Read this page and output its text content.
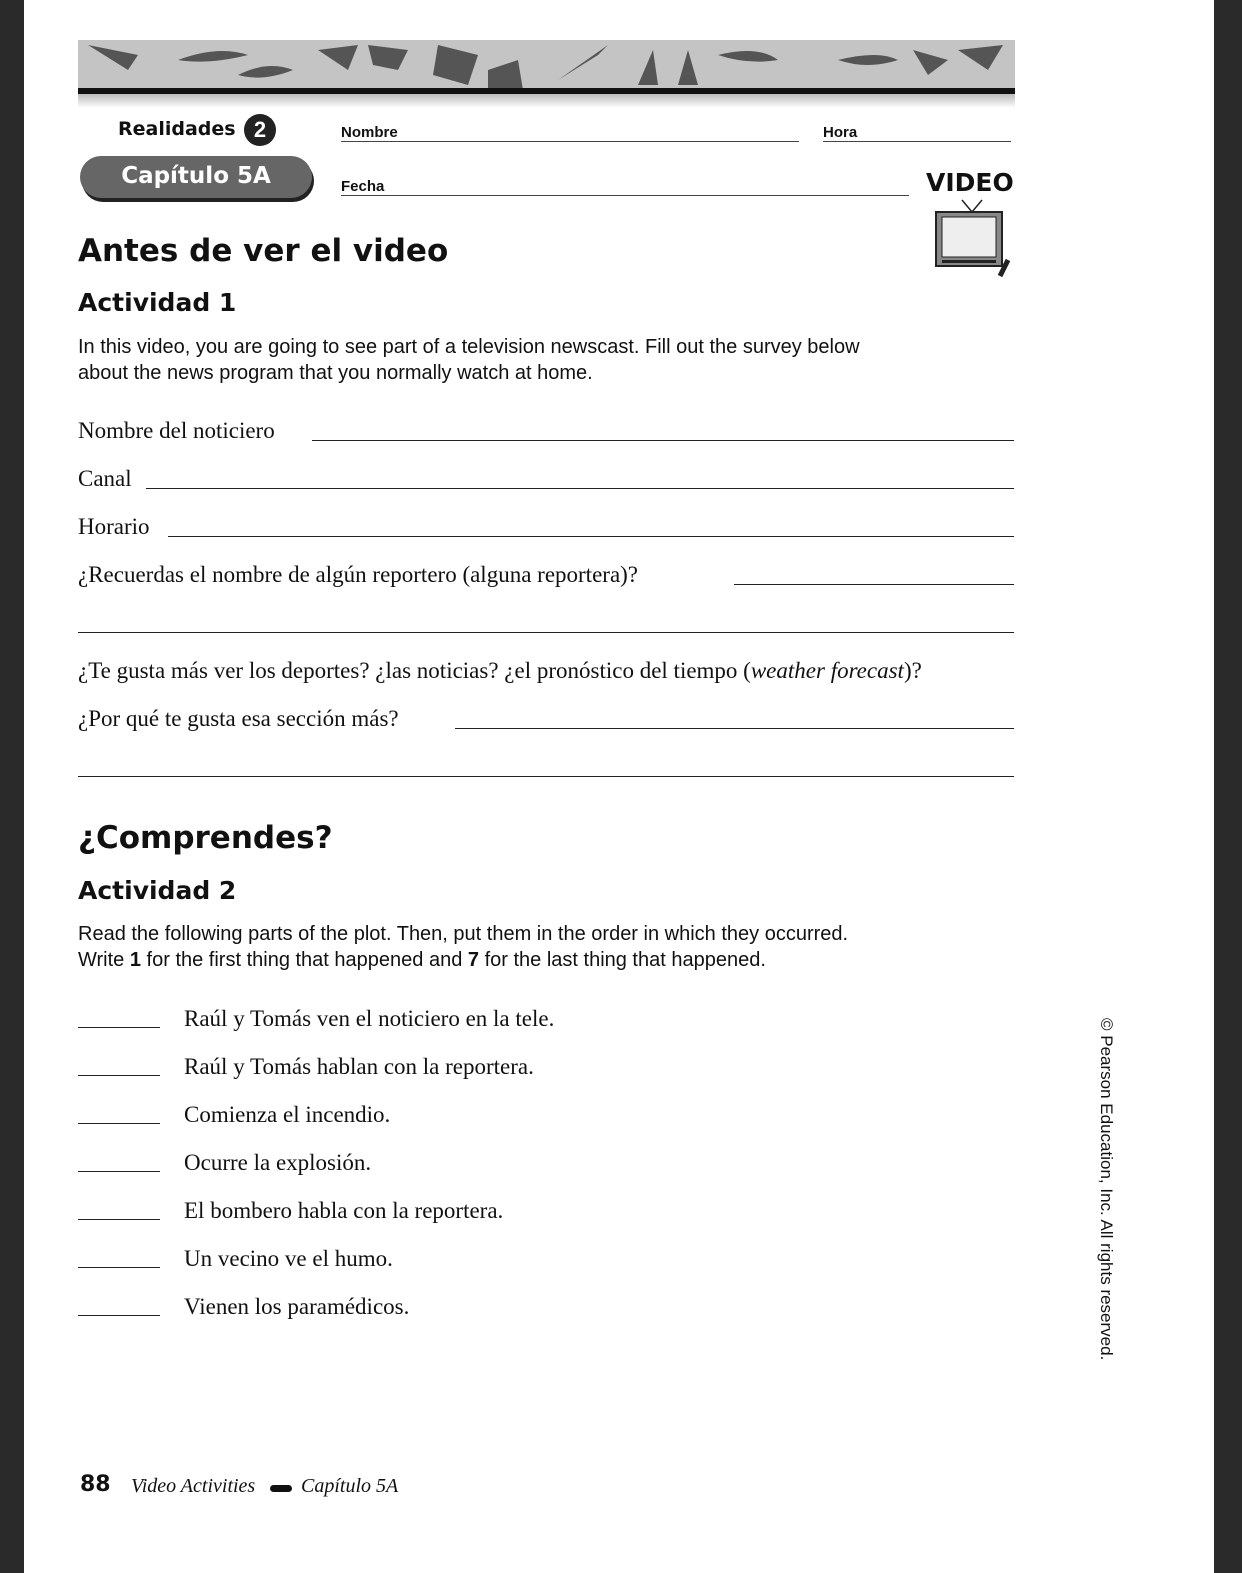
Realidades 2
Capítulo 5A
Nombre	Hora
Fecha	VIDEO
Antes de ver el video
Actividad 1
In this video, you are going to see part of a television newscast. Fill out the survey below
about the news program that you normally watch at home.
Nombre del noticiero
Canal
Horario
¿Recuerdas el nombre de algún reportero (alguna reportera)?
¿Te gusta más ver los deportes? ¿las noticias? ¿el pronóstico del tiempo (weather forecast)?
¿Por qué te gusta esa sección más?
¿Comprendes?
Actividad 2
Read the following parts of the plot. Then, put them in the order in which they occurred.
Write 1 for the first thing that happened and 7 for the last thing that happened.
Raúl y Tomás ven el noticiero en la tele.
Raúl y Tomás hablan con la reportera.
Comienza el incendio.
Ocurre la explosión.
El bombero habla con la reportera.
Un vecino ve el humo.
Vienen los paramédicos.
88 Video Activities Capítulo 5A
© Pearson Education, Inc. All rights reserved.
